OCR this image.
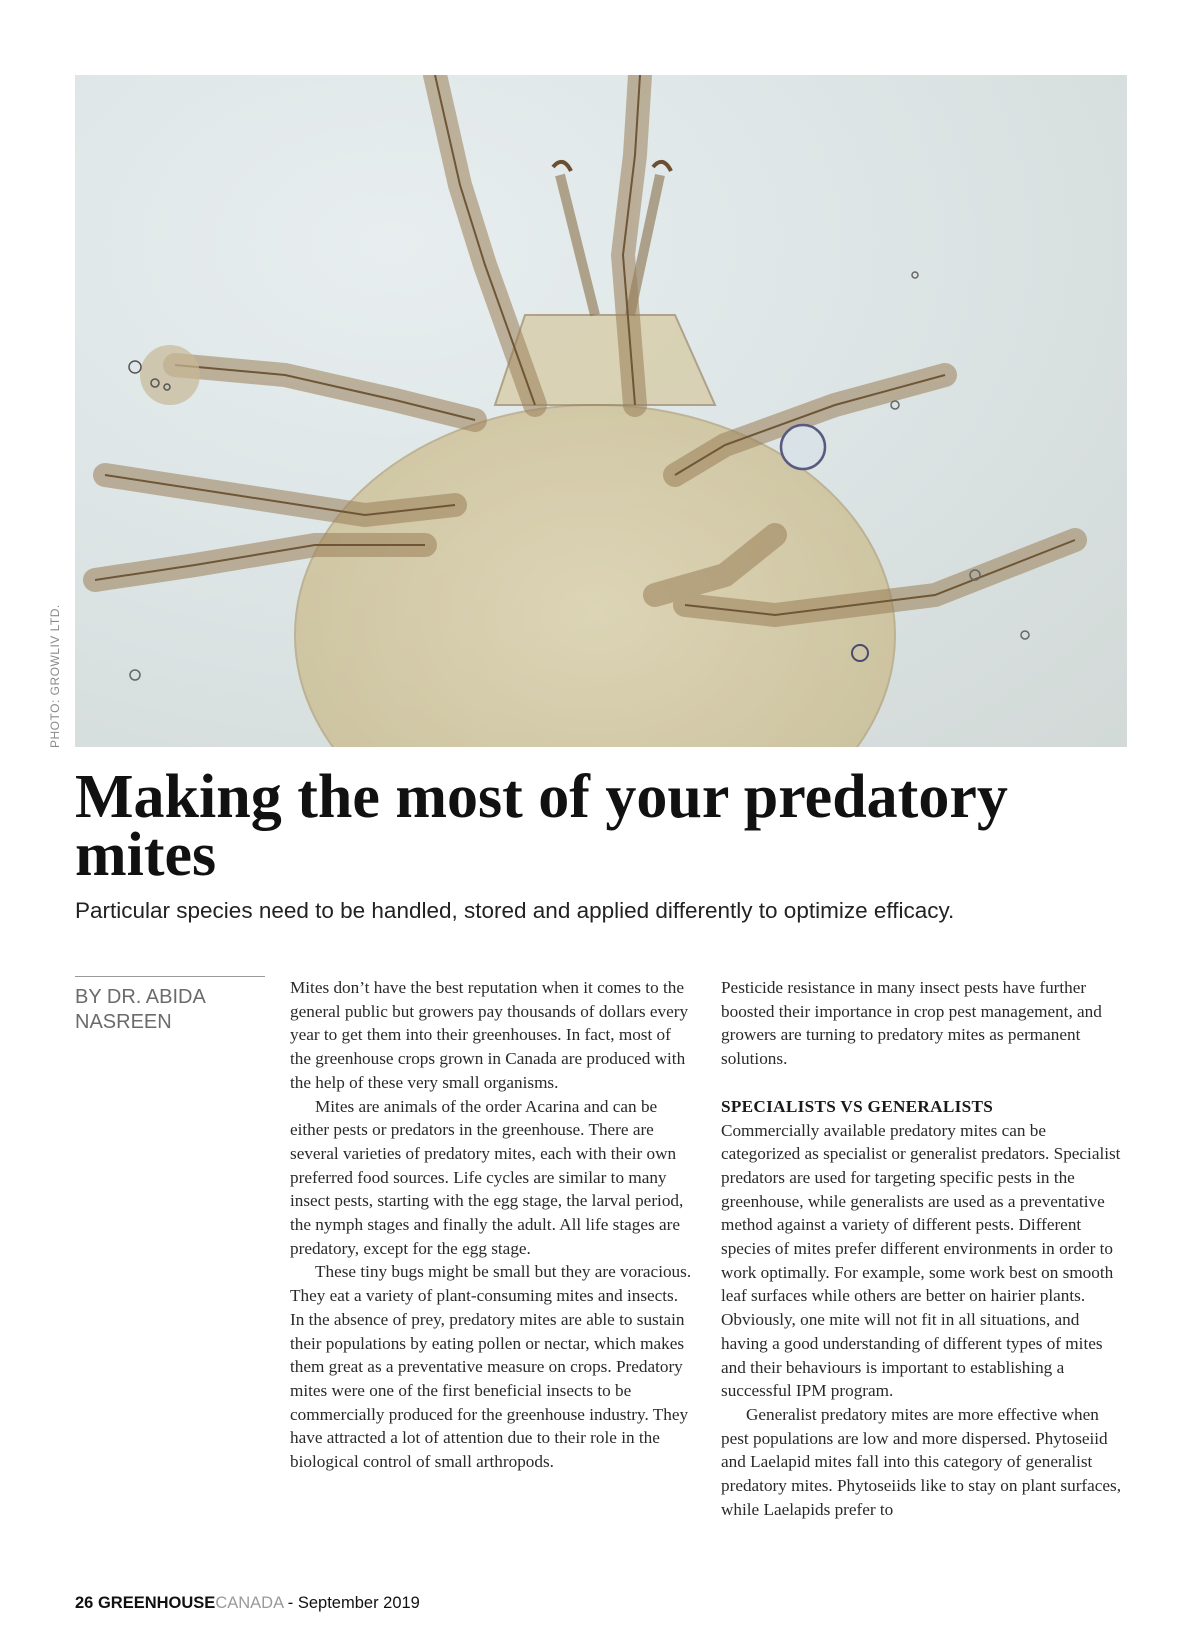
PHOTO: GROWLIV LTD.
Making the most of your predatory mites
Particular species need to be handled, stored and applied differently to optimize efficacy.
BY DR. ABIDA NASREEN

Mites don’t have the best reputation when it comes to the general public but growers pay thousands of dollars every year to get them into their greenhouses. In fact, most of the greenhouse crops grown in Canada are produced with the help of these very small organisms.

Mites are animals of the order Acarina and can be either pests or predators in the greenhouse. There are several varieties of predatory mites, each with their own preferred food sources. Life cycles are similar to many insect pests, starting with the egg stage, the larval period, the nymph stages and finally the adult. All life stages are predatory, except for the egg stage.

These tiny bugs might be small but they are voracious. They eat a variety of plant-consuming mites and insects. In the absence of prey, predatory mites are able to sustain their populations by eating pollen or nectar, which makes them great as a preventative measure on crops. Predatory mites were one of the first beneficial insects to be commercially produced for the greenhouse industry. They have attracted a lot of attention due to their role in the biological control of small arthropods.

Pesticide resistance in many insect pests have further boosted their importance in crop pest management, and growers are turning to predatory mites as permanent solutions.

SPECIALISTS VS GENERALISTS

Commercially available predatory mites can be categorized as specialist or generalist predators. Specialist predators are used for targeting specific pests in the greenhouse, while generalists are used as a preventative method against a variety of different pests. Different species of mites prefer different environments in order to work optimally. For example, some work best on smooth leaf surfaces while others are better on hairier plants. Obviously, one mite will not fit in all situations, and having a good understanding of different types of mites and their behaviours is important to establishing a successful IPM program.

Generalist predatory mites are more effective when pest populations are low and more dispersed. Phytoseiid and Laelapid mites fall into this category of generalist predatory mites. Phytoseiids like to stay on plant surfaces, while Laelapids prefer to

26 GREENHOUSECANADA - September 2019
